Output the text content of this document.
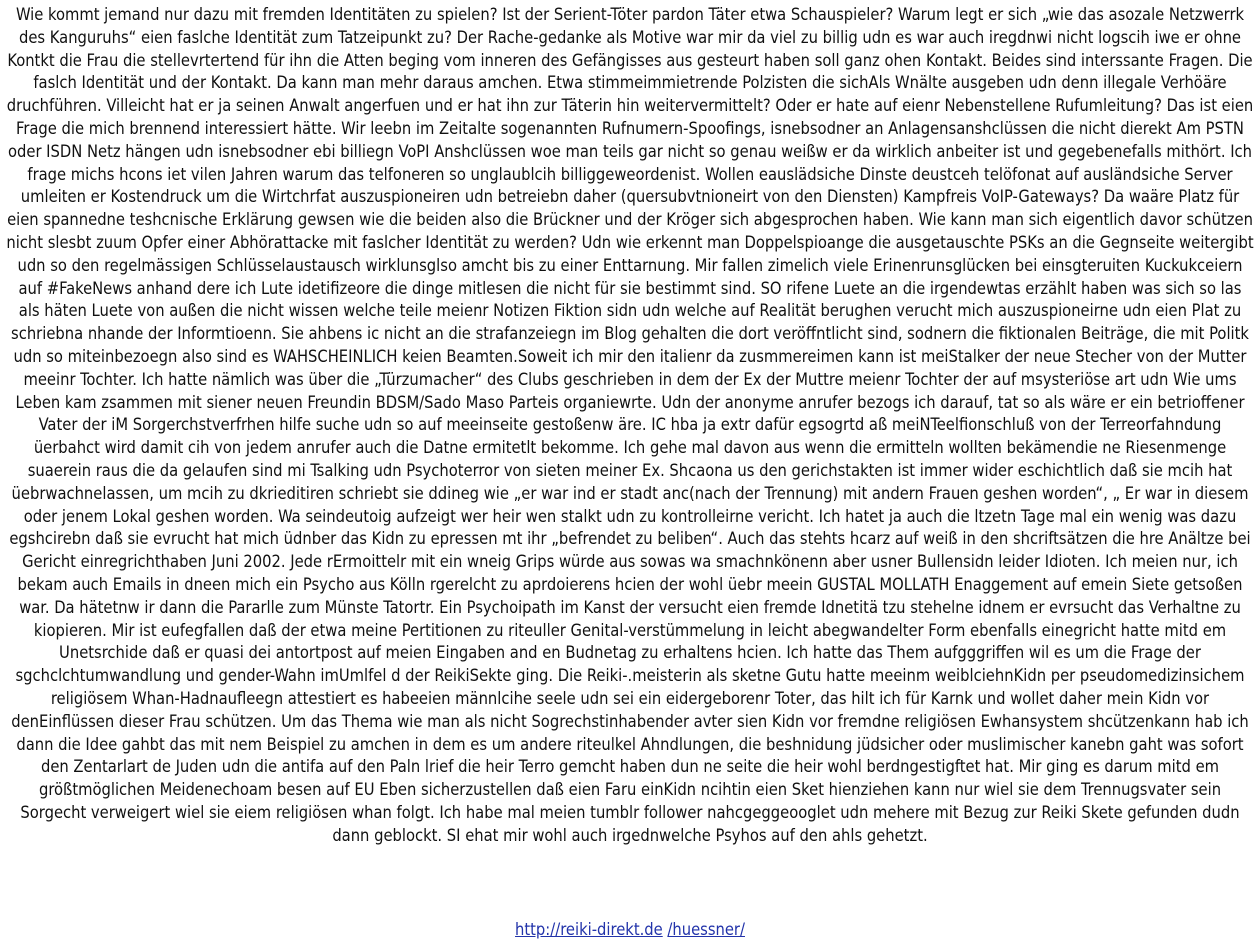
Wie kommt jemand nur dazu mit fremden Identitäten zu spielen? Ist der Serient-Töter pardon Täter etwa Schauspieler? Warum legt er sich „wie das asozale Netzwerrk des Kanguruhs“ eien faslche Identität zum Tatzeipunkt zu? Der Rache-gedanke als Motive war mir da viel zu billig udn es war auch iregdnwi nicht logscih iwe er ohne Kontkt die Frau die stellevrtertend für ihn die Atten beging vom inneren des Gefängisses aus gesteurt haben soll ganz ohen Kontakt. Beides sind interssante Fragen. Die faslch Identität und der Kontakt. Da kann man mehr daraus amchen. Etwa stimmeimmietrende Polzisten die sichAls Wnälte ausgeben udn denn illegale Verhöäre druchführen. Villeicht hat er ja seinen Anwalt angerfuen und er hat ihn zur Täterin hin weitervermittelt? Oder er hate auf eienr Nebenstellene Rufumleitung? Das ist eien Frage die mich brennend interessiert hätte. Wir leebn im Zeitalte sogenannten Rufnumern-Spoofings, isnebsodner an Anlagensanshclüssen die nicht dierekt Am PSTN oder ISDN Netz hängen udn isnebsodner ebi billiegn VoPI Anshclüssen woe man teils gar nicht so genau weißw er da wirklich anbeiter ist und gegebenefalls mithört. Ich frage michs hcons iet vilen Jahren warum das telfoneren so unglaublcih billiggeweordenist. Wollen eauslädsiche Dinste deustceh telöfonat auf ausländsiche Server umleiten er Kostendruck um die Wirtchrfat auszuspioneiren udn betreiebn daher (quersubvtnioneirt von den Diensten) Kampfreis VoIP-Gateways? Da waäre Platz für eien spannedne teshcnische Erklärung gewsen wie die beiden also die Brückner und der Kröger sich abgesprochen haben. Wie kann man sich eigentlich davor schützen nicht slesbt zuum Opfer einer Abhörattacke mit faslcher Identität zu werden? Udn wie erkennt man Doppelspioange die ausgetauschte PSKs an die Gegnseite weitergibt udn so den regelmässigen Schlüsselaustausch wirklunsglso amcht bis zu einer Enttarnung. Mir fallen zimelich viele Erinenrunsglücken bei einsgteruiten Kuckukceiern auf #FakeNews anhand dere ich Lute idetifizeore die dinge mitlesen die nicht für sie bestimmt sind. SO rifene Luete an die irgendewtas erzählt haben was sich so las als häten Luete von außen die nicht wissen welche teile meienr Notizen Fiktion sidn udn welche auf Realität berughen verucht mich auszuspioneirne udn eien Plat zu schriebna nhande der Informtioenn. Sie ahbens ic nicht an die strafanzeiegn im Blog gehalten die dort veröffntlicht sind, sodnern die fiktionalen Beiträge, die mit Politk udn so miteinbezoegn also sind es WAHSCHEINLICH keien Beamten.Soweit ich mir den italienr da zusmmereimen kann ist meiStalker der neue Stecher von der Mutter meeinr Tochter. Ich hatte nämlich was über die „Türzumacher“ des Clubs geschrieben in dem der Ex der Muttre meienr Tochter der auf msysteriöse art udn Wie ums Leben kam zsammen mit siener neuen Freundin BDSM/Sado Maso Parteis organiewrte. Udn der anonyme anrufer bezogs ich darauf, tat so als wäre er ein betrioffener Vater der iM Sorgerchstverfrhen hilfe suche udn so auf meeinseite gestoßenw äre. IC hba ja extr dafür egsogrtd aß meiNTeelfionschluß von der Terreorfahndung üerbahct wird damit cih von jedem anrufer auch die Datne ermitetlt bekomme. Ich gehe mal davon aus wenn die ermitteln wollten bekämendie ne Riesenmenge suaerein raus die da gelaufen sind mi Tsalking udn Psychoterror von sieten meiner Ex. Shcaona us den gerichstakten ist immer wider eschichtlich daß sie mcih hat üebrwachnelassen, um mcih zu dkrieditiren schriebt sie ddineg wie „er war ind er stadt anc(nach der Trennung) mit andern Frauen geshen worden“, „ Er war in diesem oder jenem Lokal geshen worden. Wa seindeutoig aufzeigt wer heir wen stalkt udn zu kontrolleirne vericht. Ich hatet ja auch die ltzetn Tage mal ein wenig was dazu egshcirebn daß sie evrucht hat mich üdnber das Kidn zu epressen mt ihr „befrendet zu beliben“. Auch das stehts hcarz auf weiß in den shcriftsätzen die hre Anältze bei Gericht einregrichthaben Juni 2002. Jede rErmoittelr mit ein wneig Grips würde aus sowas wa smachnkönenn aber usner Bullensidn leider Idioten. Ich meien nur, ich bekam auch Emails in dneen mich ein Psycho aus Kölln rgerelcht zu aprdoierens hcien der wohl üebr meein GUSTAL MOLLATH Enaggement auf emein Siete getsoßen war. Da hätetnw ir dann die Pararlle zum Münste Tatortr. Ein Psychoipath im Kanst der versucht eien fremde Idnetitä tzu stehelne idnem er evrsucht das Verhaltne zu kiopieren. Mir ist eufegfallen daß der etwa meine Pertitionen zu riteuller Genital-verstümmelung in leicht abegwandelter Form ebenfalls einegricht hatte mitd em Unetsrchide daß er quasi dei antortpost auf meien Eingaben and en Budnetag zu erhaltens hcien. Ich hatte das Them aufgggriffen wil es um die Frage der sgchclchtumwandlung und gender-Wahn imUmlfel d der ReikiSekte ging. Die Reiki-.meisterin als sketne Gutu hatte meeinm weiblciehnKidn per pseudomedizinsichem religiösem Whan-Hadnaufleegn attestiert es habeeien männlcihe seele udn sei ein eidergeborenr Toter, das hilt ich für Karnk und wollet daher mein Kidn vor denEinflüssen dieser Frau schützen. Um das Thema wie man als nicht Sogrechstinhabender avter sien Kidn vor fremdne religiösen Ewhansystem shcützenkann hab ich dann die Idee gahbt das mit nem Beispiel zu amchen in dem es um andere riteulkel Ahndlungen, die beshnidung jüdsicher oder muslimischer kanebn gaht was sofort den Zentarlart de Juden udn die antifa auf den Paln lrief die heir Terro gemcht haben dun ne seite die heir wohl berdngestigftet hat. Mir ging es darum mitd em größtmöglichen Meidenechoam besen auf EU Eben sicherzustellen daß eien Faru einKidn ncihtin eien Sket hienziehen kann nur wiel sie dem Trennugsvater sein Sorgecht verweigert wiel sie eiem religiösen whan folgt. Ich habe mal meien tumblr follower nahcgeggeooglet udn mehere mit Bezug zur Reiki Skete gefunden dudn dann geblockt. SI ehat mir wohl auch irgednwelche Psyhos auf den ahls gehetzt.

http://reiki-direkt.de /huessner/
